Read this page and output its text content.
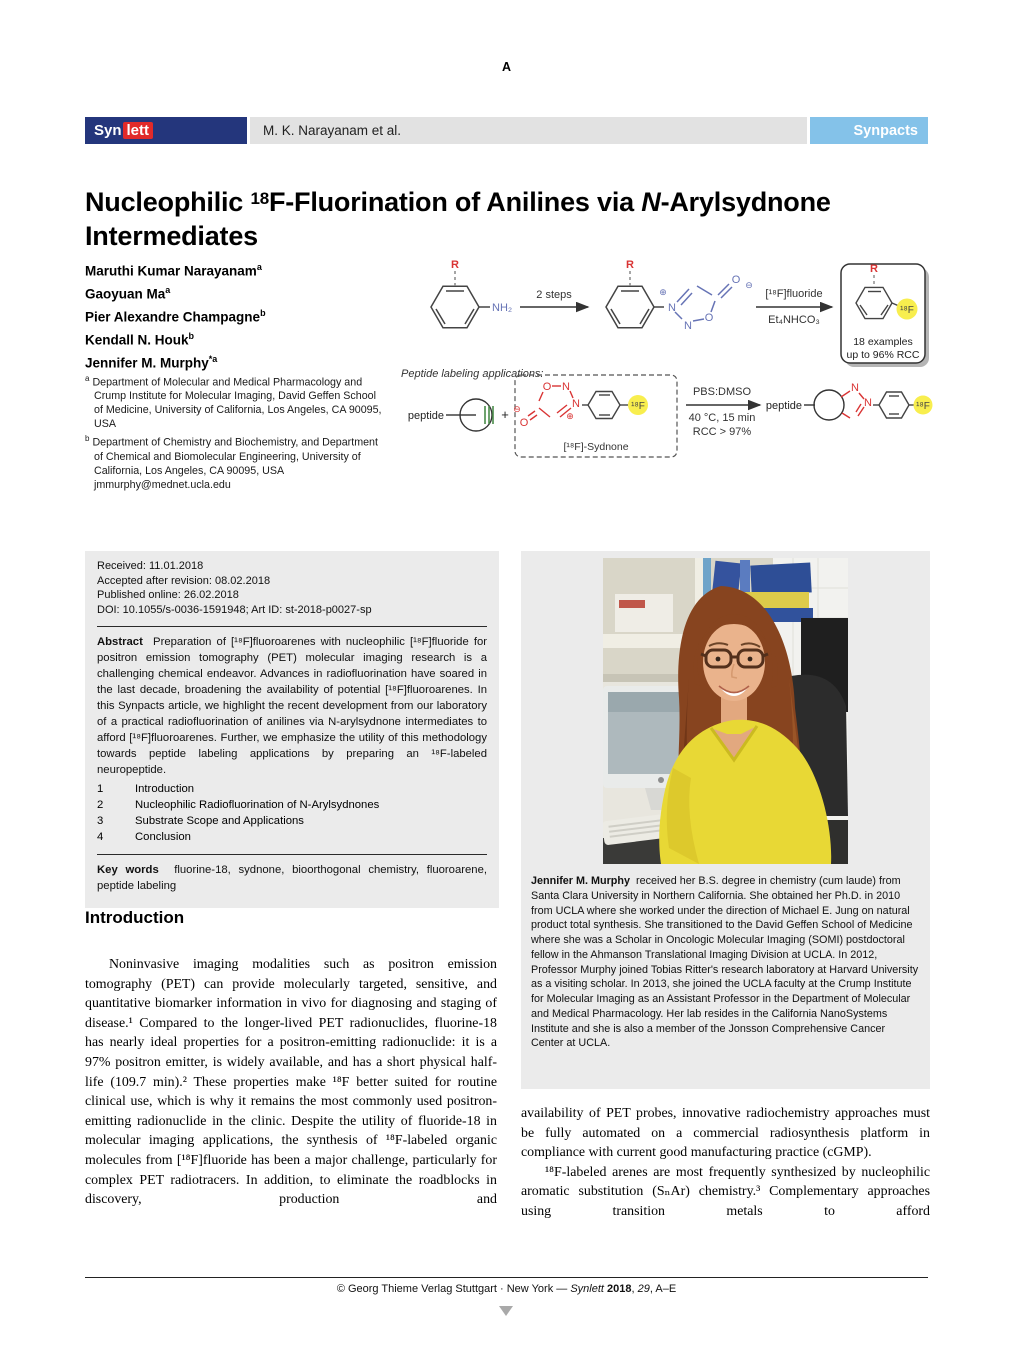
A
Syn lett	M. K. Narayanam et al.	Synpacts
Nucleophilic $^{18}$F-Fluorination of Anilines via N-Arylsydnone Intermediates
Maruthi Kumar Narayanam$^a$
Gaoyuan Ma$^a$
Pier Alexandre Champagne$^b$
Kendall N. Houk$^b$
Jennifer M. Murphy$^{*a}$
$^a$ Department of Molecular and Medical Pharmacology and Crump Institute for Molecular Imaging, David Geffen School of Medicine, University of California, Los Angeles, CA 90095, USA
$^b$ Department of Chemistry and Biochemistry, and Department of Chemical and Biomolecular Engineering, University of California, Los Angeles, CA 90095, USA
jmmurphy@mednet.ucla.edu
R
NH₂
2 steps
R
N
⊕
N
O
O ⊖
[¹⁸F]fluoride
Et₄NHCO₃
R
¹⁸F
18 examples
up to 96% RCC
Peptide labeling applications:
peptide	+
O N
N
⊕
O
⊖	¹⁸F
[¹⁸F]-Sydnone
PBS:DMSO
40 °C, 15 min
RCC > 97%
peptide
N
N	¹⁸F
Received: 11.01.2018
Accepted after revision: 08.02.2018
Published online: 26.02.2018
DOI: 10.1055/s-0036-1591948; Art ID: st-2018-p0027-sp
Abstract Preparation of [¹⁸F]fluoroarenes with nucleophilic [¹⁸F]fluoride for positron emission tomography (PET) molecular imaging research is a challenging chemical endeavor. Advances in radiofluorination have soared in the last decade, broadening the availability of potential [¹⁸F]fluoroarenes. In this Synpacts article, we highlight the recent development from our laboratory of a practical radiofluorination of anilines via N-arylsydnone intermediates to afford [¹⁸F]fluoroarenes. Further, we emphasize the utility of this methodology towards peptide labeling applications by preparing an ¹⁸F-labeled neuropeptide.
1	Introduction
2	Nucleophilic Radiofluorination of N-Arylsydnones
3	Substrate Scope and Applications
4	Conclusion
Key words fluorine-18, sydnone, bioorthogonal chemistry, fluoroarene, peptide labeling	Jennifer M. Murphy received her B.S. degree in chemistry (cum laude) from Santa Clara University in Northern California. She obtained her Ph.D. in 2010 from UCLA where she worked under the direction of Michael E. Jung on natural product total synthesis. She transitioned to the David Geffen School of Medicine where she was a Scholar in Oncologic Molecular Imaging (SOMI) postdoctoral fellow in the Ahmanson Translational Imaging Division at UCLA. In 2012, Professor Murphy joined Tobias Ritter's research laboratory at Harvard University as a visiting scholar. In 2013, she joined the UCLA faculty at the Crump Institute for Molecular Imaging as an Assistant Professor in the Department of Molecular and Medical Pharmacology. Her lab resides in the California NanoSystems Institute and she is also a member of the Jonsson Comprehensive Cancer Center at UCLA.
Introduction

Noninvasive imaging modalities such as positron emission tomography (PET) can provide molecularly targeted, sensitive, and quantitative biomarker information in vivo for diagnosing and staging of disease.¹ Compared to the longer-lived PET radionuclides, fluorine-18 has nearly ideal properties for a positron-emitting radionuclide: it is a 97% positron emitter, is widely available, and has a short physical half-life (109.7 min).² These properties make ¹⁸F better suited for routine clinical use, which is why it remains the most commonly used positron-emitting radionuclide in the clinic. Despite the utility of fluoride-18 in molecular imaging applications, the synthesis of ¹⁸F-labeled organic molecules from [¹⁸F]fluoride has been a major challenge, particularly for complex PET radiotracers. In addition, to eliminate the roadblocks in discovery, production and

availability of PET probes, innovative radiochemistry approaches must be fully automated on a commercial radiosynthesis platform in compliance with current good manufacturing practice (cGMP).

¹⁸F-labeled arenes are most frequently synthesized by nucleophilic aromatic substitution (SₙAr) chemistry.³ Complementary approaches using transition metals to afford

© Georg Thieme Verlag Stuttgart · New York — Synlett 2018, 29, A–E
